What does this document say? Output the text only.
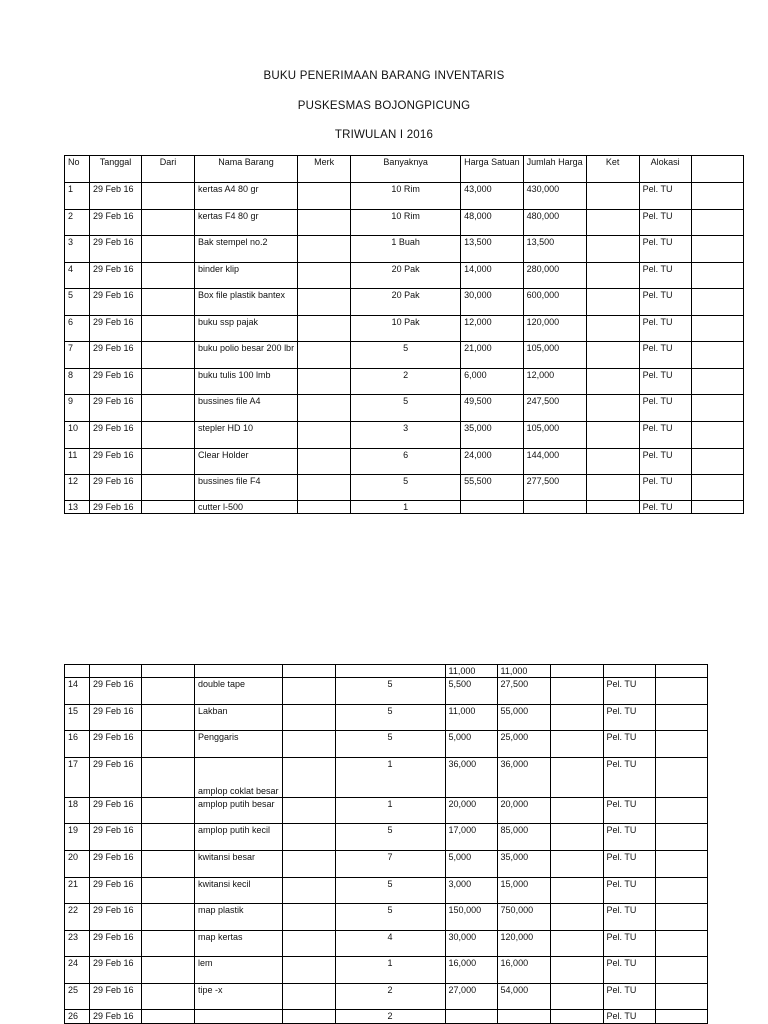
BUKU PENERIMAAN BARANG INVENTARIS
PUSKESMAS BOJONGPICUNG
TRIWULAN I 2016
No	Tanggal	Dari	Nama Barang	Merk	Banyaknya	Harga Satuan	Jumlah Harga	Ket	Alokasi	
1	29 Feb 16		kertas A4 80 gr		10 Rim	43,000	430,000		Pel. TU	
2	29 Feb 16		kertas F4 80 gr		10 Rim	48,000	480,000		Pel. TU	
3	29 Feb 16		Bak stempel no.2		1 Buah	13,500	13,500		Pel. TU	
4	29 Feb 16		binder klip		20 Pak	14,000	280,000		Pel. TU	
5	29 Feb 16		Box file plastik bantex		20 Pak	30,000	600,000		Pel. TU	
6	29 Feb 16		buku ssp pajak		10 Pak	12,000	120,000		Pel. TU	
7	29 Feb 16		buku polio besar 200 lbr		5	21,000	105,000		Pel. TU	
8	29 Feb 16		buku tulis 100 lmb		2	6,000	12,000		Pel. TU	
9	29 Feb 16		bussines file A4		5	49,500	247,500		Pel. TU	
10	29 Feb 16		stepler HD 10		3	35,000	105,000		Pel. TU	
11	29 Feb 16		Clear Holder		6	24,000	144,000		Pel. TU	
12	29 Feb 16		bussines file F4		5	55,500	277,500		Pel. TU	
13	29 Feb 16		cutter l-500		1				Pel. TU	
						11,000	11,000			
14	29 Feb 16		double tape		5	5,500	27,500		Pel. TU	
15	29 Feb 16		Lakban		5	11,000	55,000		Pel. TU	
16	29 Feb 16		Penggaris		5	5,000	25,000		Pel. TU	
17	29 Feb 16		amplop coklat besar		1	36,000	36,000		Pel. TU	
18	29 Feb 16		amplop putih besar		1	20,000	20,000		Pel. TU	
19	29 Feb 16		amplop putih kecil		5	17,000	85,000		Pel. TU	
20	29 Feb 16		kwitansi besar		7	5,000	35,000		Pel. TU	
21	29 Feb 16		kwitansi kecil		5	3,000	15,000		Pel. TU	
22	29 Feb 16		map plastik		5	150,000	750,000		Pel. TU	
23	29 Feb 16		map kertas		4	30,000	120,000		Pel. TU	
24	29 Feb 16		lem		1	16,000	16,000		Pel. TU	
25	29 Feb 16		tipe -x		2	27,000	54,000		Pel. TU	
26	29 Feb 16				2				Pel. TU	
